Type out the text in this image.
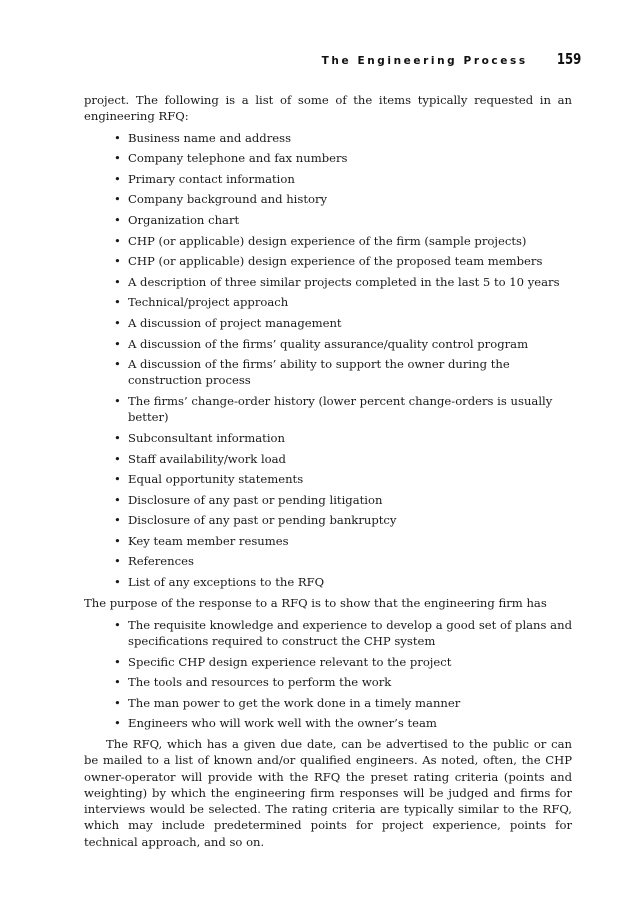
The Engineering Process 159

project. The following is a list of some of the items typically requested in an engineering RFQ:

• Business name and address
• Company telephone and fax numbers
• Primary contact information
• Company background and history
• Organization chart
• CHP (or applicable) design experience of the firm (sample projects)
• CHP (or applicable) design experience of the proposed team members
• A description of three similar projects completed in the last 5 to 10 years
• Technical/project approach
• A discussion of project management
• A discussion of the firms’ quality assurance/quality control program
• A discussion of the firms’ ability to support the owner during the construction process
• The firms’ change-order history (lower percent change-orders is usually better)
• Subconsultant information
• Staff availability/work load
• Equal opportunity statements
• Disclosure of any past or pending litigation
• Disclosure of any past or pending bankruptcy
• Key team member resumes
• References
• List of any exceptions to the RFQ

The purpose of the response to a RFQ is to show that the engineering firm has

• The requisite knowledge and experience to develop a good set of plans and specifications required to construct the CHP system
• Specific CHP design experience relevant to the project
• The tools and resources to perform the work
• The man power to get the work done in a timely manner
• Engineers who will work well with the owner’s team

The RFQ, which has a given due date, can be advertised to the public or can be mailed to a list of known and/or qualified engineers. As noted, often, the CHP owner-operator will provide with the RFQ the preset rating criteria (points and weighting) by which the engineering firm responses will be judged and firms for interviews would be selected. The rating criteria are typically similar to the RFQ, which may include predetermined points for project experience, points for technical approach, and so on.
